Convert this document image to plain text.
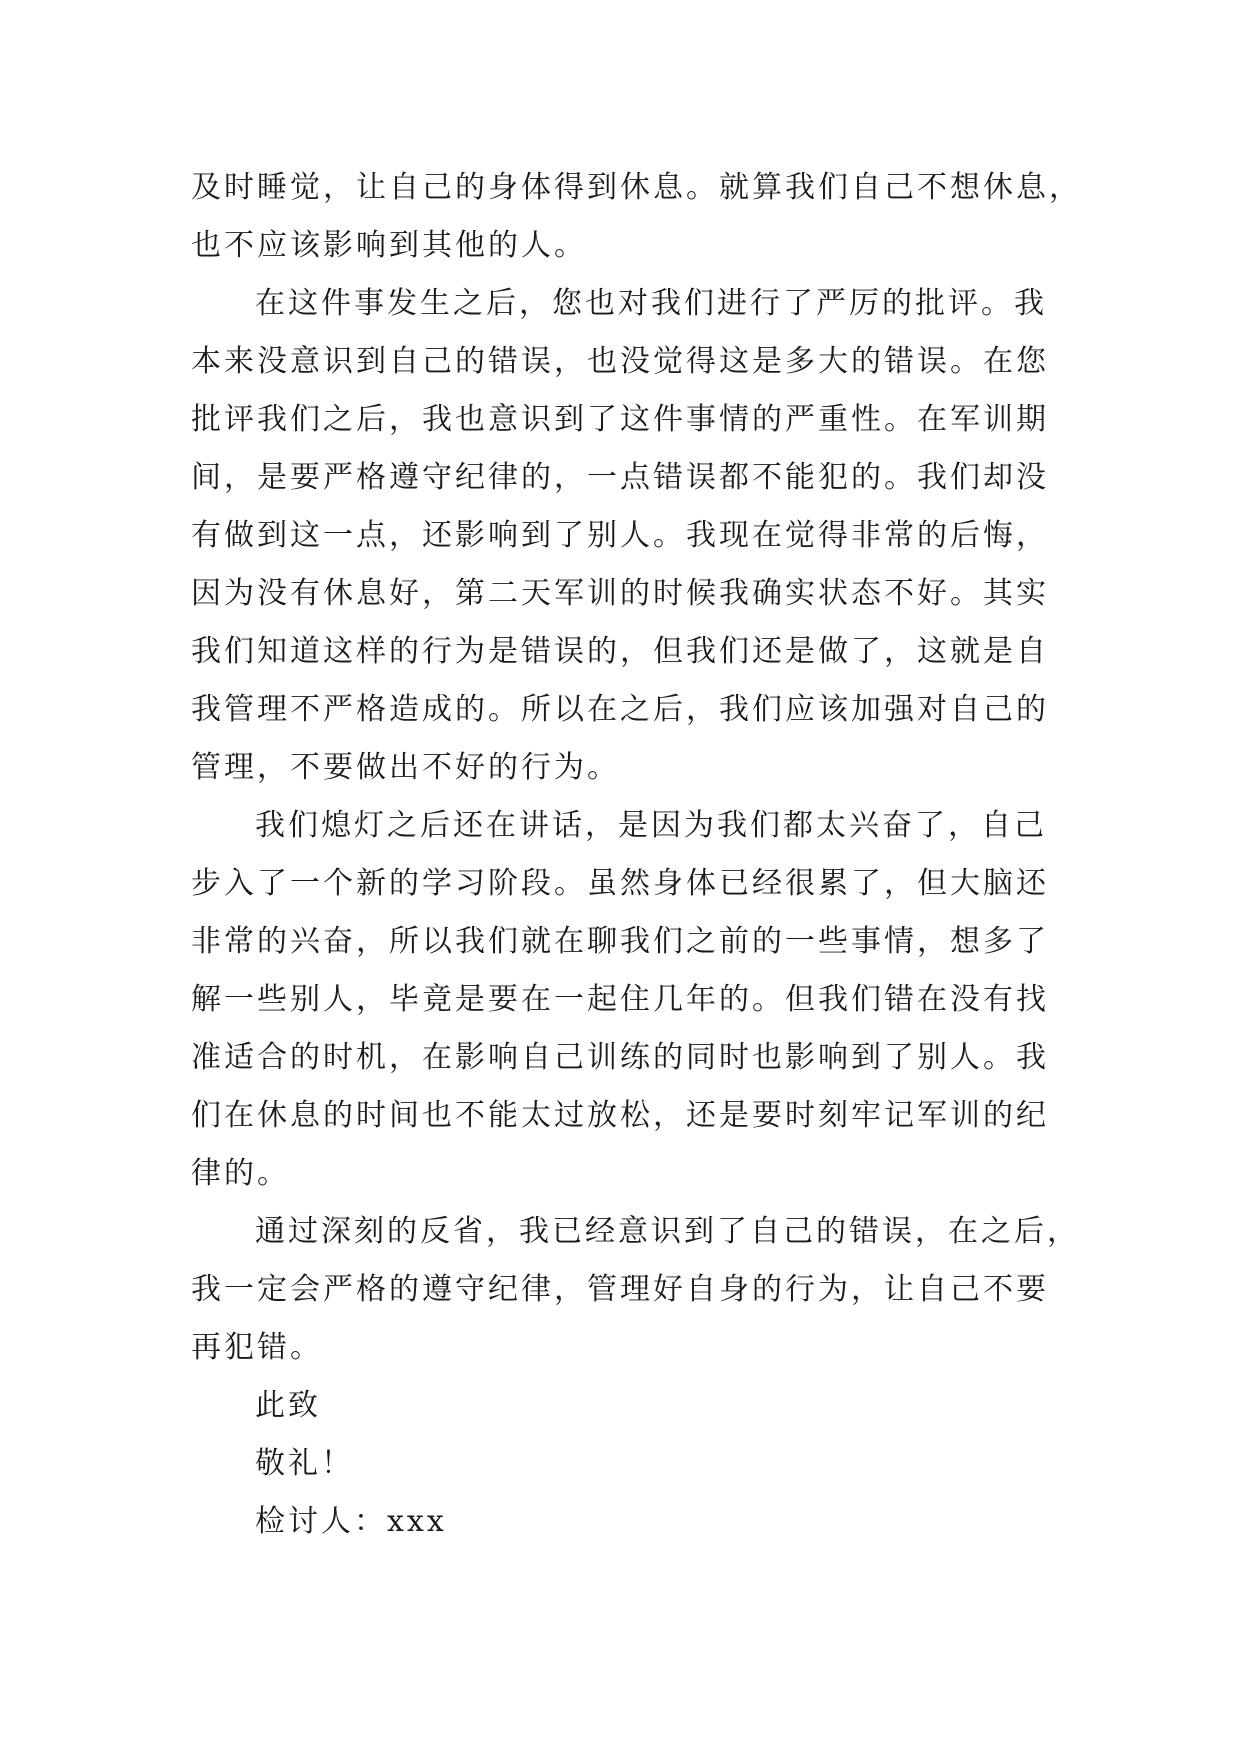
及时睡觉，让自己的身体得到休息。就算我们自己不想休息，
也不应该影响到其他的人。
在这件事发生之后，您也对我们进行了严厉的批评。我
本来没意识到自己的错误，也没觉得这是多大的错误。在您
批评我们之后，我也意识到了这件事情的严重性。在军训期
间，是要严格遵守纪律的，一点错误都不能犯的。我们却没
有做到这一点，还影响到了别人。我现在觉得非常的后悔，
因为没有休息好，第二天军训的时候我确实状态不好。其实
我们知道这样的行为是错误的，但我们还是做了，这就是自
我管理不严格造成的。所以在之后，我们应该加强对自己的
管理，不要做出不好的行为。
我们熄灯之后还在讲话，是因为我们都太兴奋了，自己
步入了一个新的学习阶段。虽然身体已经很累了，但大脑还
非常的兴奋，所以我们就在聊我们之前的一些事情，想多了
解一些别人，毕竟是要在一起住几年的。但我们错在没有找
准适合的时机，在影响自己训练的同时也影响到了别人。我
们在休息的时间也不能太过放松，还是要时刻牢记军训的纪
律的。
通过深刻的反省，我已经意识到了自己的错误，在之后，
我一定会严格的遵守纪律，管理好自身的行为，让自己不要
再犯错。
此致
敬礼！
检讨人：xxx
